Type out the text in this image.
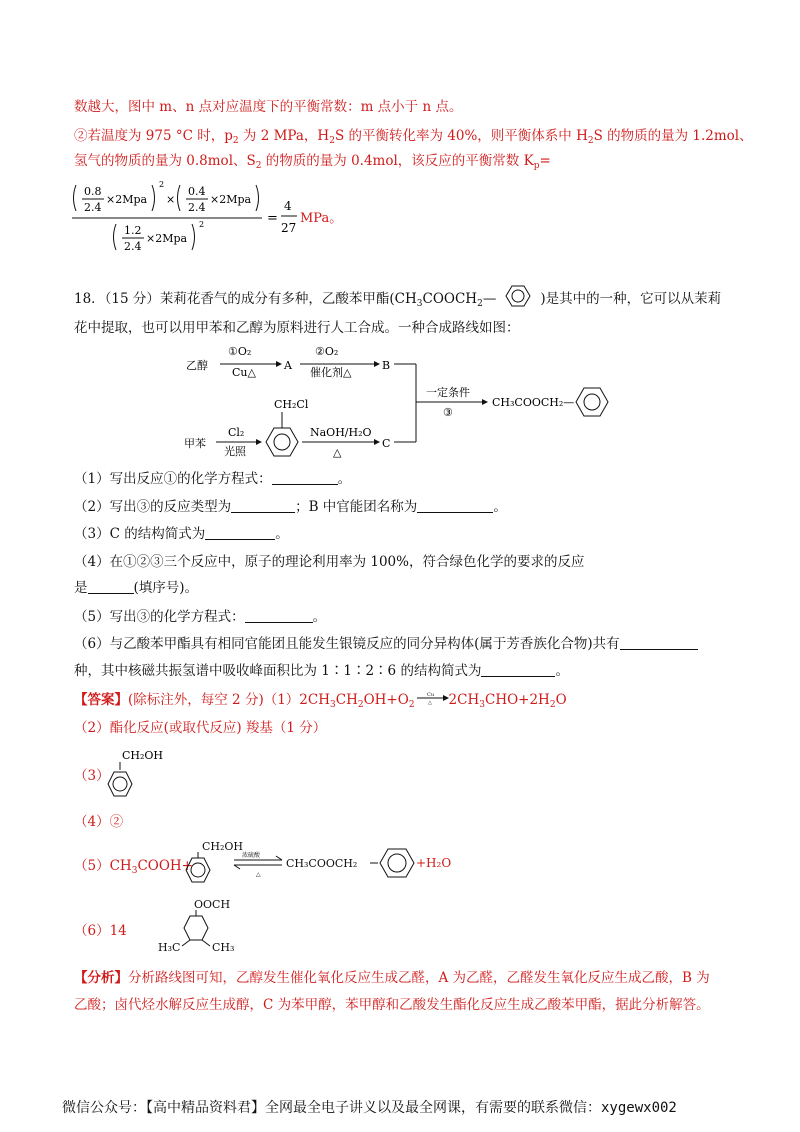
数越大，图中 m、n 点对应温度下的平衡常数：m 点小于 n 点。
②若温度为 975 °C 时，$p_2$ 为 2 MPa，$H_2S$ 的平衡转化率为 40%，则平衡体系中 $H_2S$ 的物质的量为 1.2mol、
氢气的物质的量为 0.8mol、$S_2$ 的物质的量为 0.4mol，该反应的平衡常数 $K_p=$
0.8
2.4
×2Mpa
2
×
0.4
2.4
×2Mpa
1.2
2.4
×2Mpa
2	=
4
27
MPa。
18．（15 分）茉莉花香气的成分有多种，乙酸苯甲酯($CH_3COOCH_2—$	)是其中的一种，它可以从茉莉
花中提取，也可以用甲苯和乙醇为原料进行人工合成。一种合成路线如图：
乙醇
①O₂
Cu△
A
②O₂
催化剂△
B
甲苯
Cl₂
光照
CH₂Cl
NaOH/H₂O
△
C
一定条件
③
CH₃COOCH₂—
（1）写出反应①的化学方程式：	。
（2）写出③的反应类型为	；B 中官能团名称为	。
（3）C 的结构简式为	。
（4）在①②③三个反应中，原子的理论利用率为 100%，符合绿色化学的要求的反应
是	(填序号)。
（5）写出③的化学方程式：	。
（6）与乙酸苯甲酯具有相同官能团且能发生银镜反应的同分异构体(属于芳香族化合物)共有
种，其中核磁共振氢谱中吸收峰面积比为 1∶1∶2∶6 的结构简式为	。
【答案】(除标注外，每空 2 分)$(1)2CH_3CH_2OH+O_2$
Cu
△ $2CH_3CHO+2H_2O$
（2）酯化反应(或取代反应) 羧基（1 分）
（3）
CH₂OH
（4）②
$(5)CH_3COOH+$
CH₂OH
浓硫酸
△
CH₃COOCH₂	+H₂O
（6）14
OOCH
H₃C	CH₃
【分析】分析路线图可知，乙醇发生催化氧化反应生成乙醛，A 为乙醛，乙醛发生氧化反应生成乙酸，B 为
乙酸；卤代烃水解反应生成醇，C 为苯甲醇，苯甲醇和乙酸发生酯化反应生成乙酸苯甲酯，据此分析解答。
微信公众号：【高中精品资料君】全网最全电子讲义以及最全网课，有需要的联系微信：xygewx002
